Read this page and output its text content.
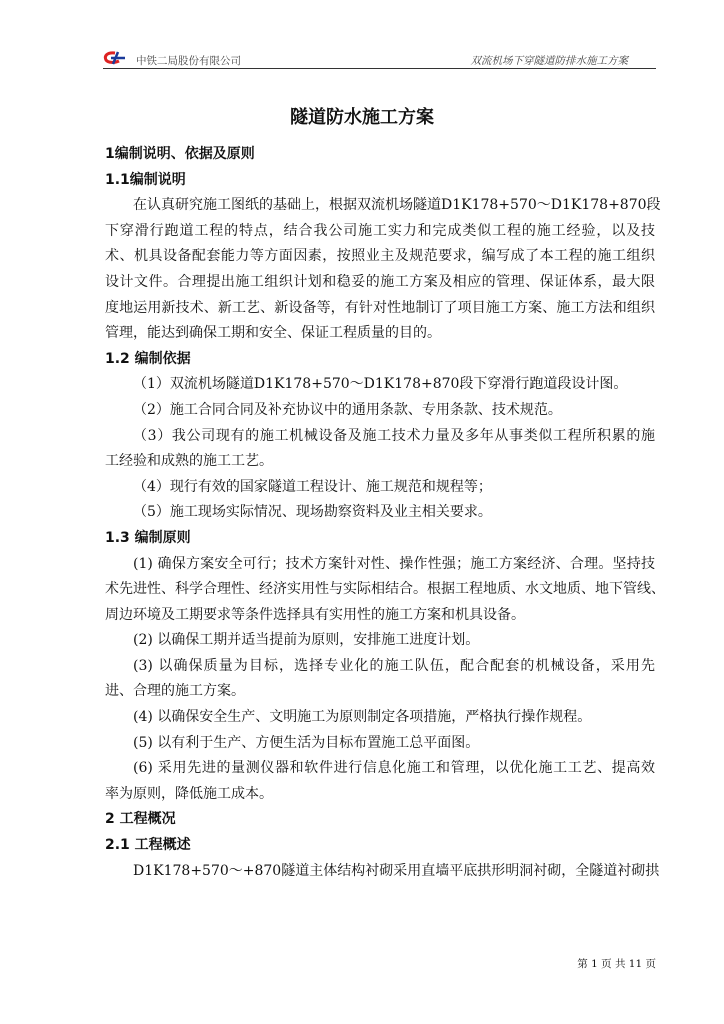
中铁二局股份有限公司	双流机场下穿隧道防排水施工方案
隧道防水施工方案
1编制说明、依据及原则
1.1编制说明
在认真研究施工图纸的基础上，根据双流机场隧道D1K178+570～D1K178+870段
下穿滑行跑道工程的特点，结合我公司施工实力和完成类似工程的施工经验，以及技
术、机具设备配套能力等方面因素，按照业主及规范要求，编写成了本工程的施工组织
设计文件。合理提出施工组织计划和稳妥的施工方案及相应的管理、保证体系，最大限
度地运用新技术、新工艺、新设备等，有针对性地制订了项目施工方案、施工方法和组织
管理，能达到确保工期和安全、保证工程质量的目的。
1.2 编制依据
（1）双流机场隧道D1K178+570～D1K178+870段下穿滑行跑道段设计图。
（2）施工合同合同及补充协议中的通用条款、专用条款、技术规范。
（3）我公司现有的施工机械设备及施工技术力量及多年从事类似工程所积累的施
工经验和成熟的施工工艺。
（4）现行有效的国家隧道工程设计、施工规范和规程等；
（5）施工现场实际情况、现场勘察资料及业主相关要求。
1.3 编制原则
(1) 确保方案安全可行；技术方案针对性、操作性强；施工方案经济、合理。坚持技
术先进性、科学合理性、经济实用性与实际相结合。根据工程地质、水文地质、地下管线、
周边环境及工期要求等条件选择具有实用性的施工方案和机具设备。
(2) 以确保工期并适当提前为原则，安排施工进度计划。
(3) 以确保质量为目标，选择专业化的施工队伍，配合配套的机械设备，采用先
进、合理的施工方案。
(4) 以确保安全生产、文明施工为原则制定各项措施，严格执行操作规程。
(5) 以有利于生产、方便生活为目标布置施工总平面图。
(6) 采用先进的量测仪器和软件进行信息化施工和管理，以优化施工工艺、提高效
率为原则，降低施工成本。
2 工程概况
2.1 工程概述
D1K178+570～+870隧道主体结构衬砌采用直墙平底拱形明洞衬砌，全隧道衬砌拱
第 1 页 共 11 页
